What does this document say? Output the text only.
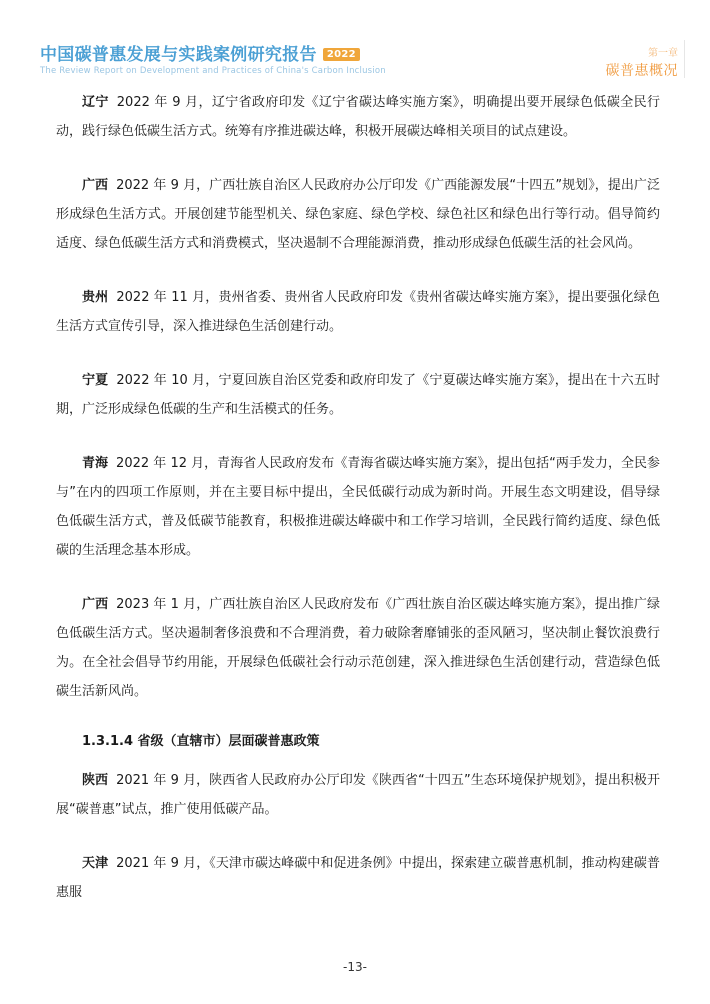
中国碳普惠发展与实践案例研究报告 2022
The Review Report on Development and Practices of China's Carbon Inclusion
第一章
碳普惠概况

辽宁 2022 年 9 月，辽宁省政府印发《辽宁省碳达峰实施方案》，明确提出要开展绿色低碳全民行动，践行绿色低碳生活方式。统筹有序推进碳达峰，积极开展碳达峰相关项目的试点建设。

广西 2022 年 9 月，广西壮族自治区人民政府办公厅印发《广西能源发展“十四五”规划》，提出广泛形成绿色生活方式。开展创建节能型机关、绿色家庭、绿色学校、绿色社区和绿色出行等行动。倡导简约适度、绿色低碳生活方式和消费模式，坚决遏制不合理能源消费，推动形成绿色低碳生活的社会风尚。

贵州 2022 年 11 月，贵州省委、贵州省人民政府印发《贵州省碳达峰实施方案》，提出要强化绿色生活方式宣传引导，深入推进绿色生活创建行动。

宁夏 2022 年 10 月，宁夏回族自治区党委和政府印发了《宁夏碳达峰实施方案》，提出在十六五时期，广泛形成绿色低碳的生产和生活模式的任务。

青海 2022 年 12 月，青海省人民政府发布《青海省碳达峰实施方案》，提出包括“两手发力，全民参与”在内的四项工作原则，并在主要目标中提出，全民低碳行动成为新时尚。开展生态文明建设，倡导绿色低碳生活方式，普及低碳节能教育，积极推进碳达峰碳中和工作学习培训，全民践行简约适度、绿色低碳的生活理念基本形成。

广西 2023 年 1 月，广西壮族自治区人民政府发布《广西壮族自治区碳达峰实施方案》，提出推广绿色低碳生活方式。坚决遏制奢侈浪费和不合理消费，着力破除奢靡铺张的歪风陋习，坚决制止餐饮浪费行为。在全社会倡导节约用能，开展绿色低碳社会行动示范创建，深入推进绿色生活创建行动，营造绿色低碳生活新风尚。

1.3.1.4 省级（直辖市）层面碳普惠政策

陕西 2021 年 9 月，陕西省人民政府办公厅印发《陕西省“十四五”生态环境保护规划》，提出积极开展“碳普惠”试点，推广使用低碳产品。

天津 2021 年 9 月，《天津市碳达峰碳中和促进条例》中提出，探索建立碳普惠机制，推动构建碳普惠服

-13-
